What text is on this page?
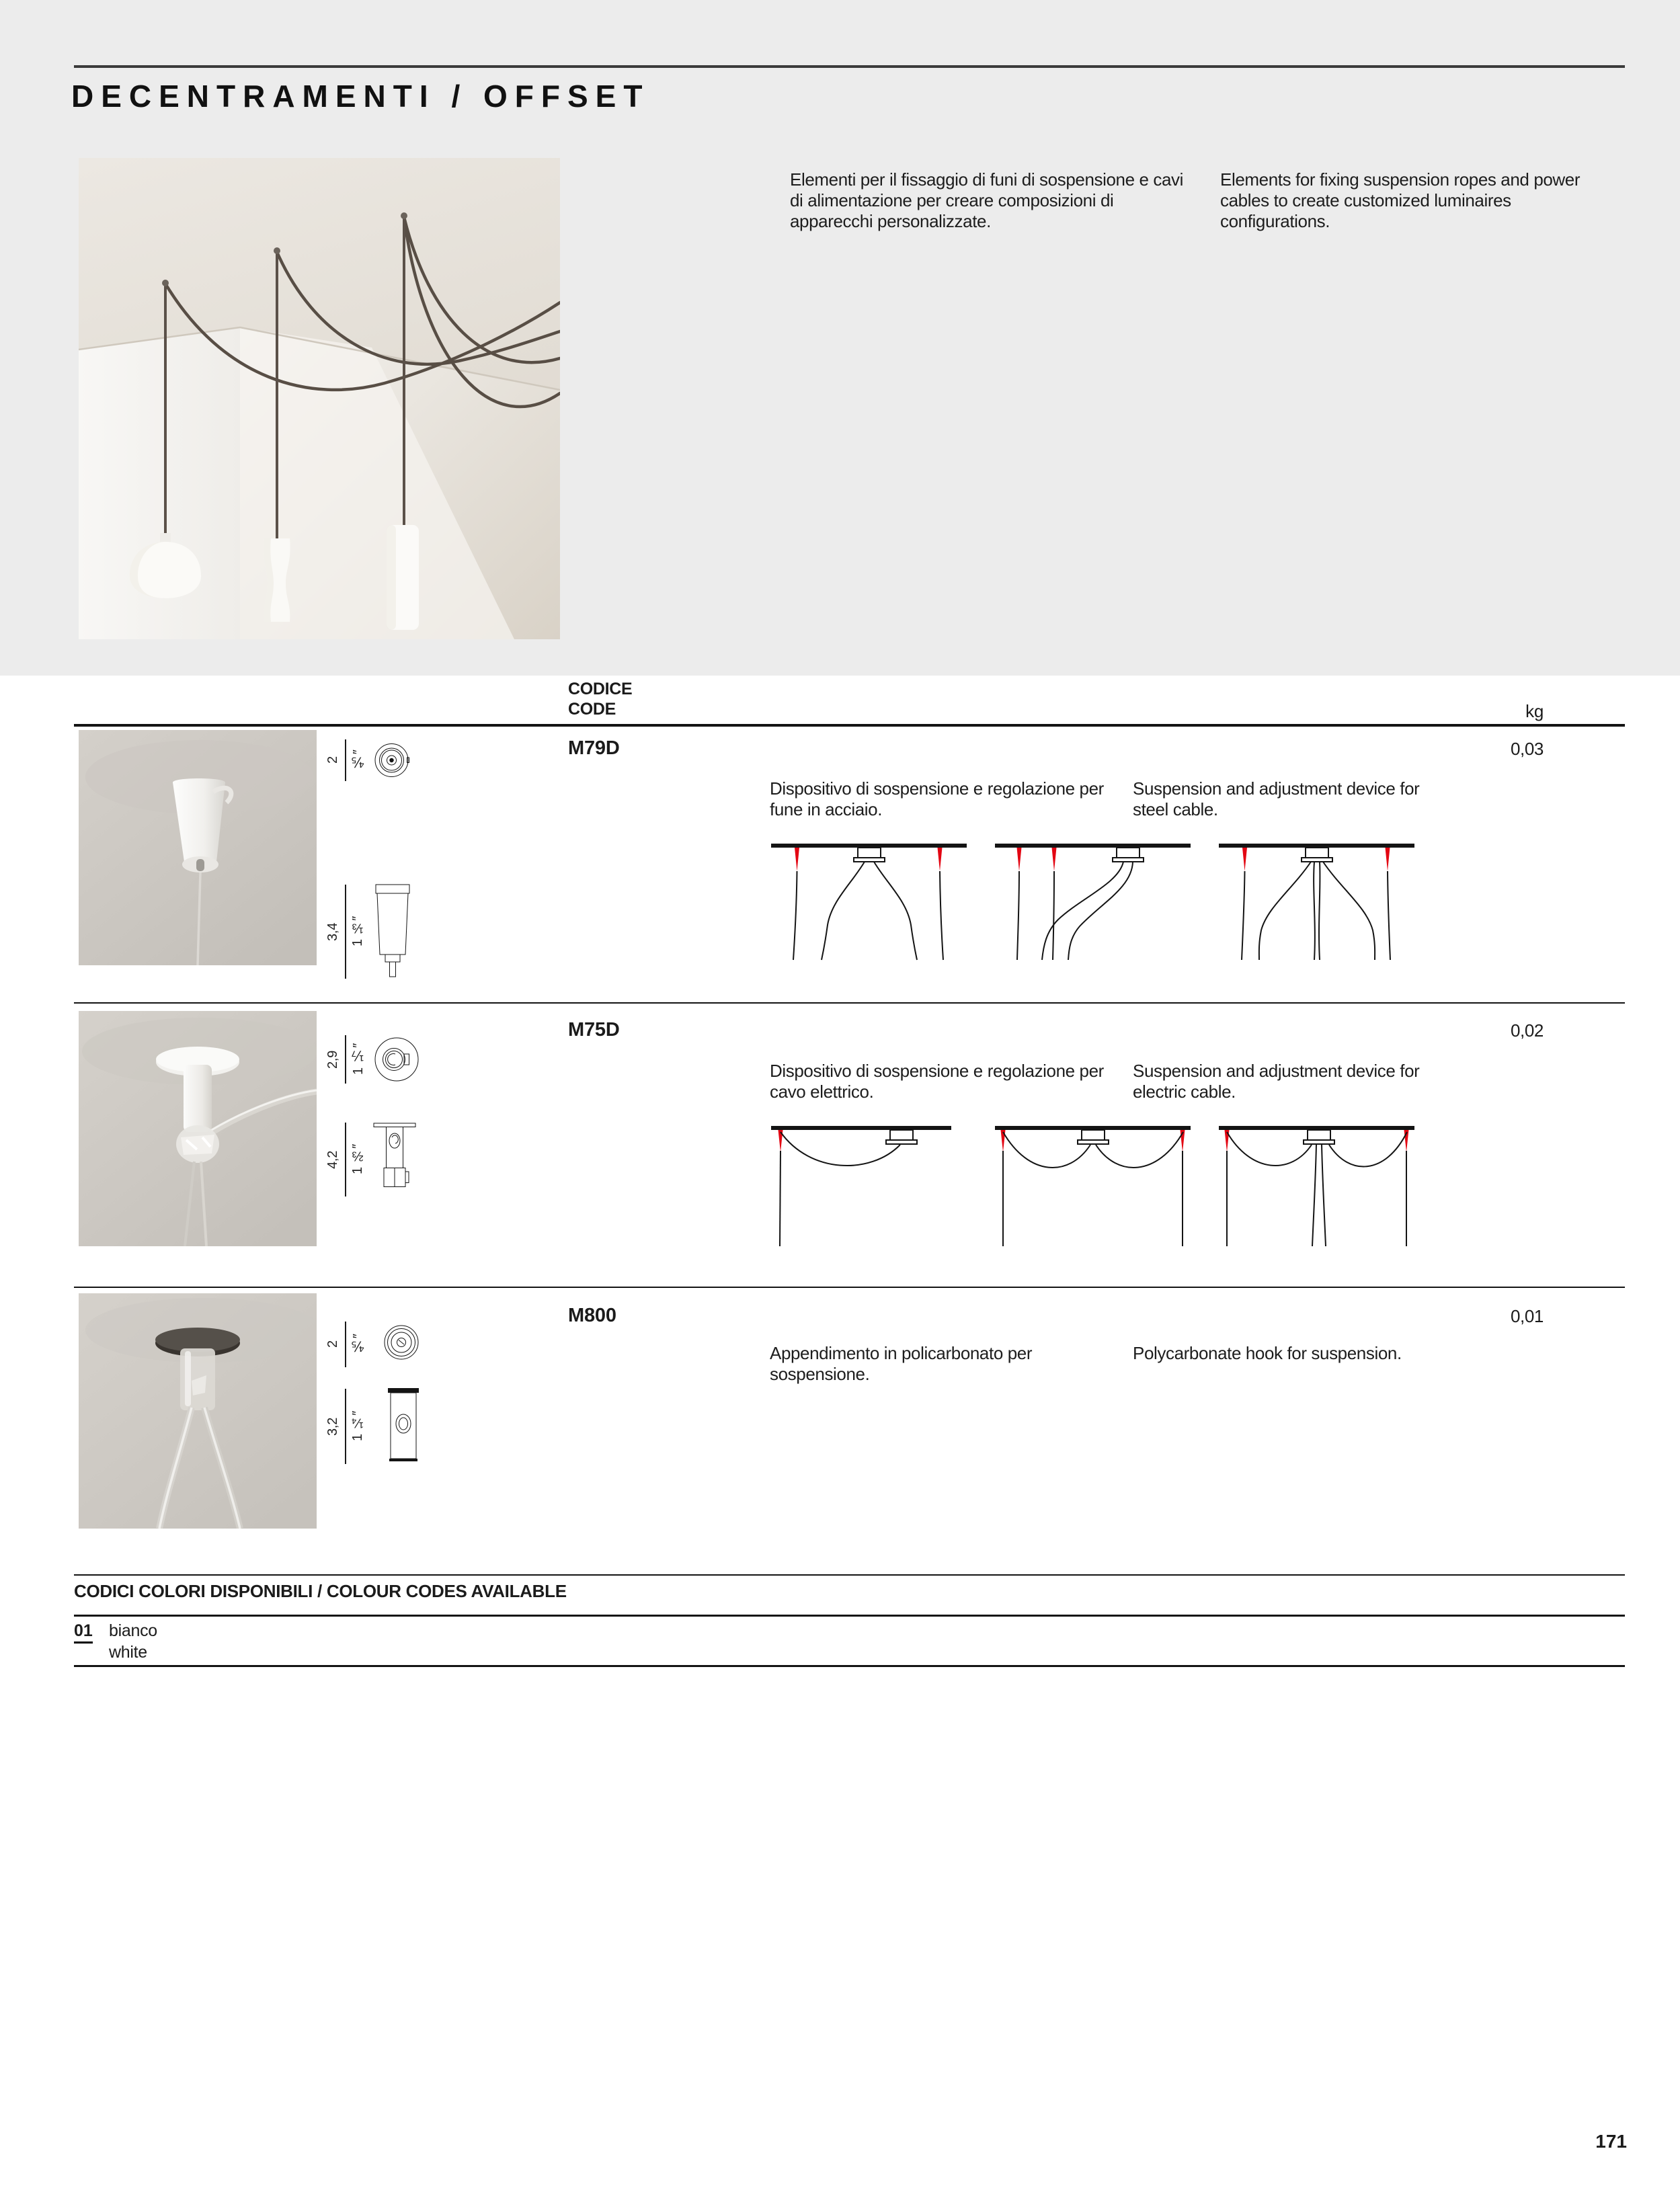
DECENTRAMENTI / OFFSET
Elementi per il fissaggio di funi di sospensione e cavi di alimentazione per creare composizioni di apparecchi personalizzate.
Elements for fixing suspension ropes and power cables to create customized luminaires configurations.
CODICE
CODE	kg
M79D	0,03
2 ⅘″
3,4 1 ⅓″
Dispositivo di sospensione e regolazione per fune in acciaio.
Suspension and adjustment device for steel cable.
M75D	0,02
2,9 1 ⅐″
4,2 1 ⅔″
Dispositivo di sospensione e regolazione per cavo elettrico.
Suspension and adjustment device for electric cable.
M800	0,01
2 ⅘″
3,2 1 ¼″
Appendimento in policarbonato per sospensione.
Polycarbonate hook for suspension.
CODICI COLORI DISPONIBILI / COLOUR CODES AVAILABLE
01 bianco
white
171
